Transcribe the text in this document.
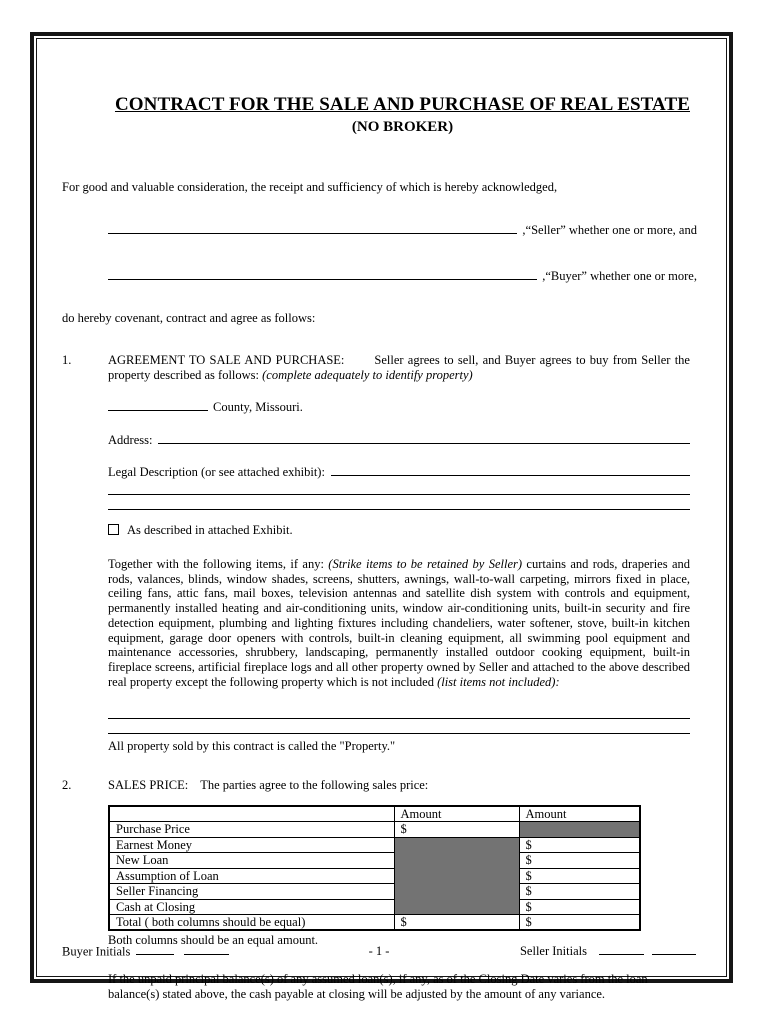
CONTRACT FOR THE SALE AND PURCHASE OF REAL ESTATE
(NO BROKER)

For good and valuable consideration, the receipt and sufficiency of which is hereby acknowledged,

,“Seller” whether one or more, and
,“Buyer” whether one or more,

do hereby covenant, contract and agree as follows:

1.	AGREEMENT TO SALE AND PURCHASE: Seller agrees to sell, and Buyer agrees to buy from Seller the property described as follows: (complete adequately to identify property)

County, Missouri.
Address:
Legal Description (or see attached exhibit):
As described in attached Exhibit.

Together with the following items, if any: (Strike items to be retained by Seller) curtains and rods, draperies and rods, valances, blinds, window shades, screens, shutters, awnings, wall-to-wall carpeting, mirrors fixed in place, ceiling fans, attic fans, mail boxes, television antennas and satellite dish system with controls and equipment, permanently installed heating and air-conditioning units, window air-conditioning units, built-in security and fire detection equipment, plumbing and lighting fixtures including chandeliers, water softener, stove, built-in kitchen equipment, garage door openers with controls, built-in cleaning equipment, all swimming pool equipment and maintenance accessories, shrubbery, landscaping, permanently installed outdoor cooking equipment, built-in fireplace screens, artificial fireplace logs and all other property owned by Seller and attached to the above described real property except the following property which is not included (list items not included):

All property sold by this contract is called the "Property."

2.	SALES PRICE: The parties agree to the following sales price:

	Amount	Amount
Purchase Price	$	
Earnest Money		$
New Loan		$
Assumption of Loan		$
Seller Financing		$
Cash at Closing		$
Total ( both columns should be equal)	$	$

Both columns should be an equal amount.

If the unpaid principal balance(s) of any assumed loan(s), if any, as of the Closing Date varies from the loan balance(s) stated above, the cash payable at closing will be adjusted by the amount of any variance.

Buyer Initials	- 1 -	Seller Initials
